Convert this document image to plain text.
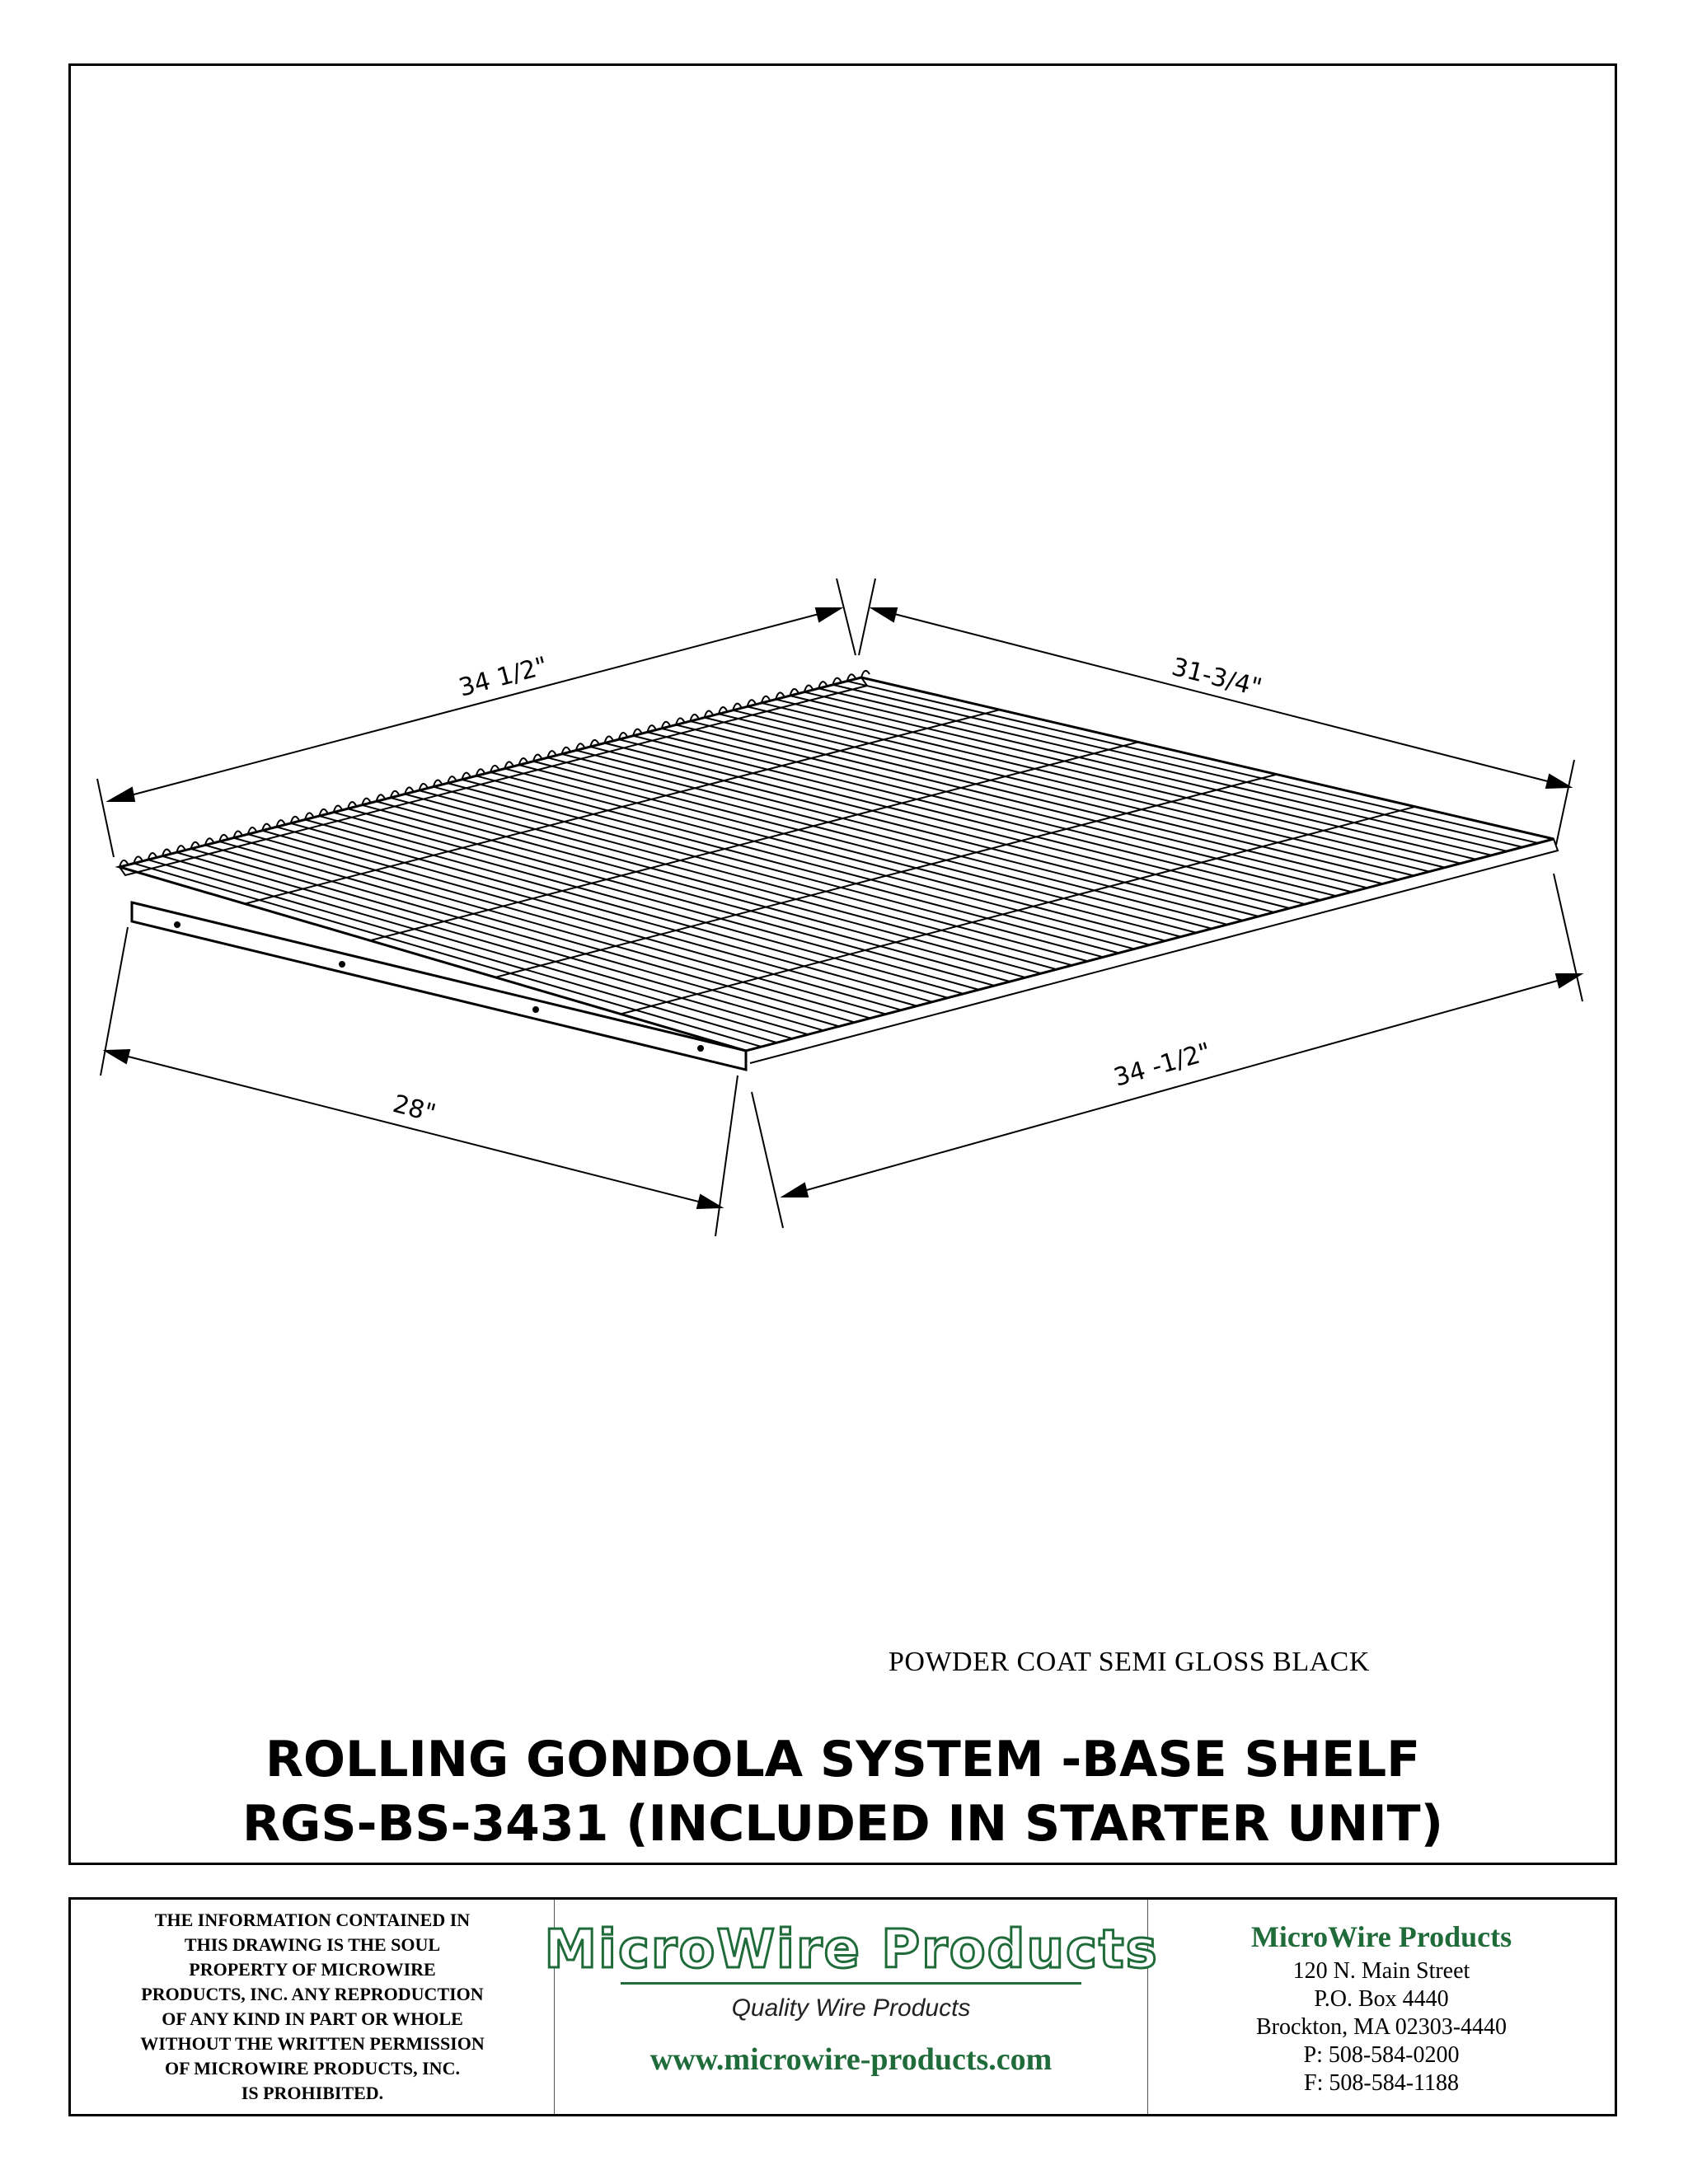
34 1/2"	31-3/4"
28"
34 -1/2"
POWDER COAT SEMI GLOSS BLACK
ROLLING GONDOLA SYSTEM -BASE SHELF
RGS-BS-3431 (INCLUDED IN STARTER UNIT)
THE INFORMATION CONTAINED IN
THIS DRAWING IS THE SOUL
PROPERTY OF MICROWIRE
PRODUCTS, INC. ANY REPRODUCTION
OF ANY KIND IN PART OR WHOLE
WITHOUT THE WRITTEN PERMISSION
OF MICROWIRE PRODUCTS, INC.
IS PROHIBITED.
MicroWire Products
Quality Wire Products
www.microwire-products.com
MicroWire Products
120 N. Main Street
P.O. Box 4440
Brockton, MA 02303-4440
P: 508-584-0200
F: 508-584-1188
